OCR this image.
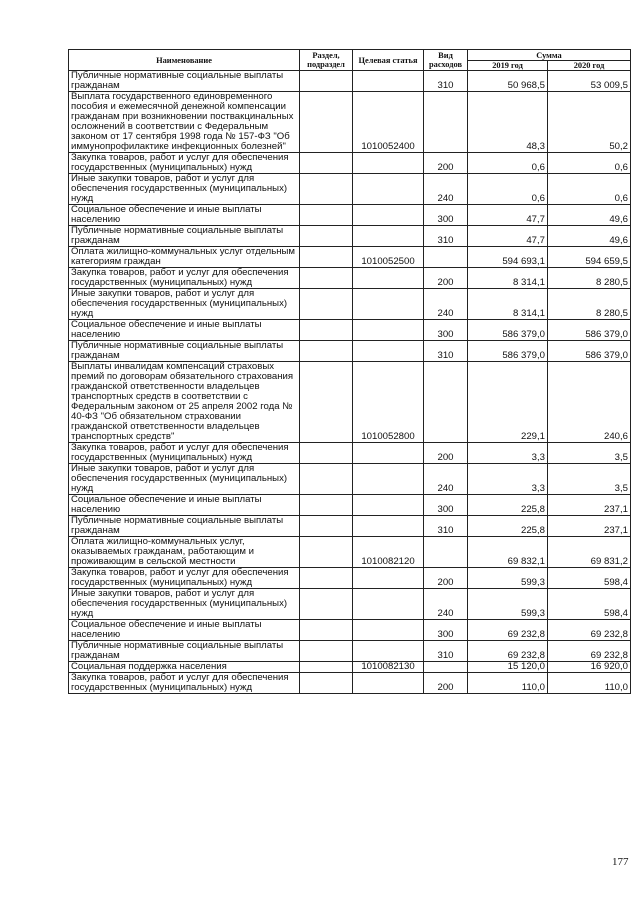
Наименование	Раздел, подраздел	Целевая статья	Вид расходов	Сумма	
				2019 год	2020 год
Публичные нормативные социальные выплаты гражданам			310	50 968,5	53 009,5
Выплата государственного единовременного пособия и ежемесячной денежной компенсации гражданам при возникновении поствакцинальных осложнений в соответствии с Федеральным законом от 17 сентября 1998 года № 157-ФЗ "Об иммунопрофилактике инфекционных болезней"		1010052400		48,3	50,2
Закупка товаров, работ и услуг для обеспечения государственных (муниципальных) нужд			200	0,6	0,6
Иные закупки товаров, работ и услуг для обеспечения государственных (муниципальных) нужд			240	0,6	0,6
Социальное обеспечение и иные выплаты населению			300	47,7	49,6
Публичные нормативные социальные выплаты гражданам			310	47,7	49,6
Оплата жилищно-коммунальных услуг отдельным категориям граждан		1010052500		594 693,1	594 659,5
Закупка товаров, работ и услуг для обеспечения государственных (муниципальных) нужд			200	8 314,1	8 280,5
Иные закупки товаров, работ и услуг для обеспечения государственных (муниципальных) нужд			240	8 314,1	8 280,5
Социальное обеспечение и иные выплаты населению			300	586 379,0	586 379,0
Публичные нормативные социальные выплаты гражданам			310	586 379,0	586 379,0
Выплаты инвалидам компенсаций страховых премий по договорам обязательного страхования гражданской ответственности владельцев транспортных средств в соответствии с Федеральным законом от 25 апреля 2002 года № 40-ФЗ "Об обязательном страховании гражданской ответственности владельцев транспортных средств"		1010052800		229,1	240,6
Закупка товаров, работ и услуг для обеспечения государственных (муниципальных) нужд			200	3,3	3,5
Иные закупки товаров, работ и услуг для обеспечения государственных (муниципальных) нужд			240	3,3	3,5
Социальное обеспечение и иные выплаты населению			300	225,8	237,1
Публичные нормативные социальные выплаты гражданам			310	225,8	237,1
Оплата жилищно-коммунальных услуг, оказываемых гражданам, работающим и проживающим в сельской местности		1010082120		69 832,1	69 831,2
Закупка товаров, работ и услуг для обеспечения государственных (муниципальных) нужд			200	599,3	598,4
Иные закупки товаров, работ и услуг для обеспечения государственных (муниципальных) нужд			240	599,3	598,4
Социальное обеспечение и иные выплаты населению			300	69 232,8	69 232,8
Публичные нормативные социальные выплаты гражданам			310	69 232,8	69 232,8
Социальная поддержка населения		1010082130		15 120,0	16 920,0
Закупка товаров, работ и услуг для обеспечения государственных (муниципальных) нужд			200	110,0	110,0
177
